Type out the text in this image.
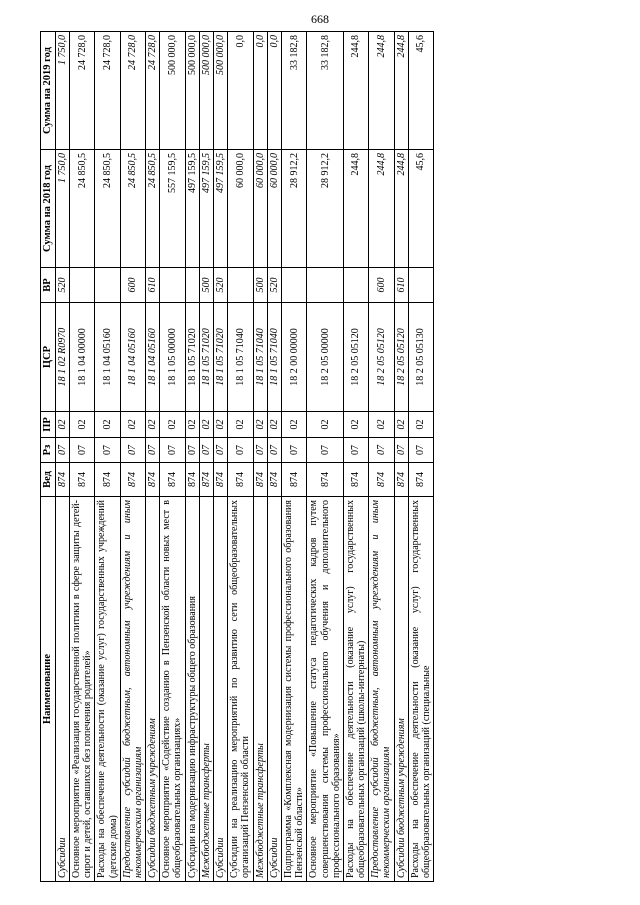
668
Наименование	Вед	Рз	ПР	ЦСР	ВР	Сумма на 2018 год	Сумма на 2019 год
Субсидии	874	07	02	18 1 02 R0970	520	1 750,0	1 750,0
Основное мероприятие «Реализация государственной политики в сфере защиты детей-сирот и детей, оставшихся без попечения родителей»	874	07	02	18 1 04 00000		24 850,5	24 728,0
Расходы на обеспечение деятельности (оказание услуг) государственных учреждений (детские дома)	874	07	02	18 1 04 05160		24 850,5	24 728,0
Предоставление субсидий бюджетным, автономным учреждениям и иным некоммерческим организациям	874	07	02	18 1 04 05160	600	24 850,5	24 728,0
Субсидии бюджетным учреждениям	874	07	02	18 1 04 05160	610	24 850,5	24 728,0
Основное мероприятие «Содействие созданию в Пензенской области новых мест в общеобразовательных организациях»	874	07	02	18 1 05 00000		557 159,5	500 000,0
Субсидии на модернизацию инфраструктуры общего образования	874	07	02	18 1 05 71020		497 159,5	500 000,0
Межбюджетные трансферты	874	07	02	18 1 05 71020	500	497 159,5	500 000,0
Субсидии	874	07	02	18 1 05 71020	520	497 159,5	500 000,0
Субсидии на реализацию мероприятий по развитию сети общеобразовательных организаций Пензенской области	874	07	02	18 1 05 71040		60 000,0	0,0
Межбюджетные трансферты	874	07	02	18 1 05 71040	500	60 000,0	0,0
Субсидии	874	07	02	18 1 05 71040	520	60 000,0	0,0
Подпрограмма «Комплексная модернизация системы профессионального образования Пензенской области»	874	07	02	18 2 00 00000		28 912,2	33 182,8
Основное мероприятие «Повышение статуса педагогических кадров путем совершенствования системы профессионального обучения и дополнительного профессионального образования»	874	07	02	18 2 05 00000		28 912,2	33 182,8
Расходы на обеспечение деятельности (оказание услуг) государственных общеобразовательных организаций (школы-интернаты)	874	07	02	18 2 05 05120		244,8	244,8
Предоставление субсидий бюджетным, автономным учреждениям и иным некоммерческим организациям	874	07	02	18 2 05 05120	600	244,8	244,8
Субсидии бюджетным учреждениям	874	07	02	18 2 05 05120	610	244,8	244,8
Расходы на обеспечение деятельности (оказание услуг) государственных общеобразовательных организаций (специальные	874	07	02	18 2 05 05130		45,6	45,6
